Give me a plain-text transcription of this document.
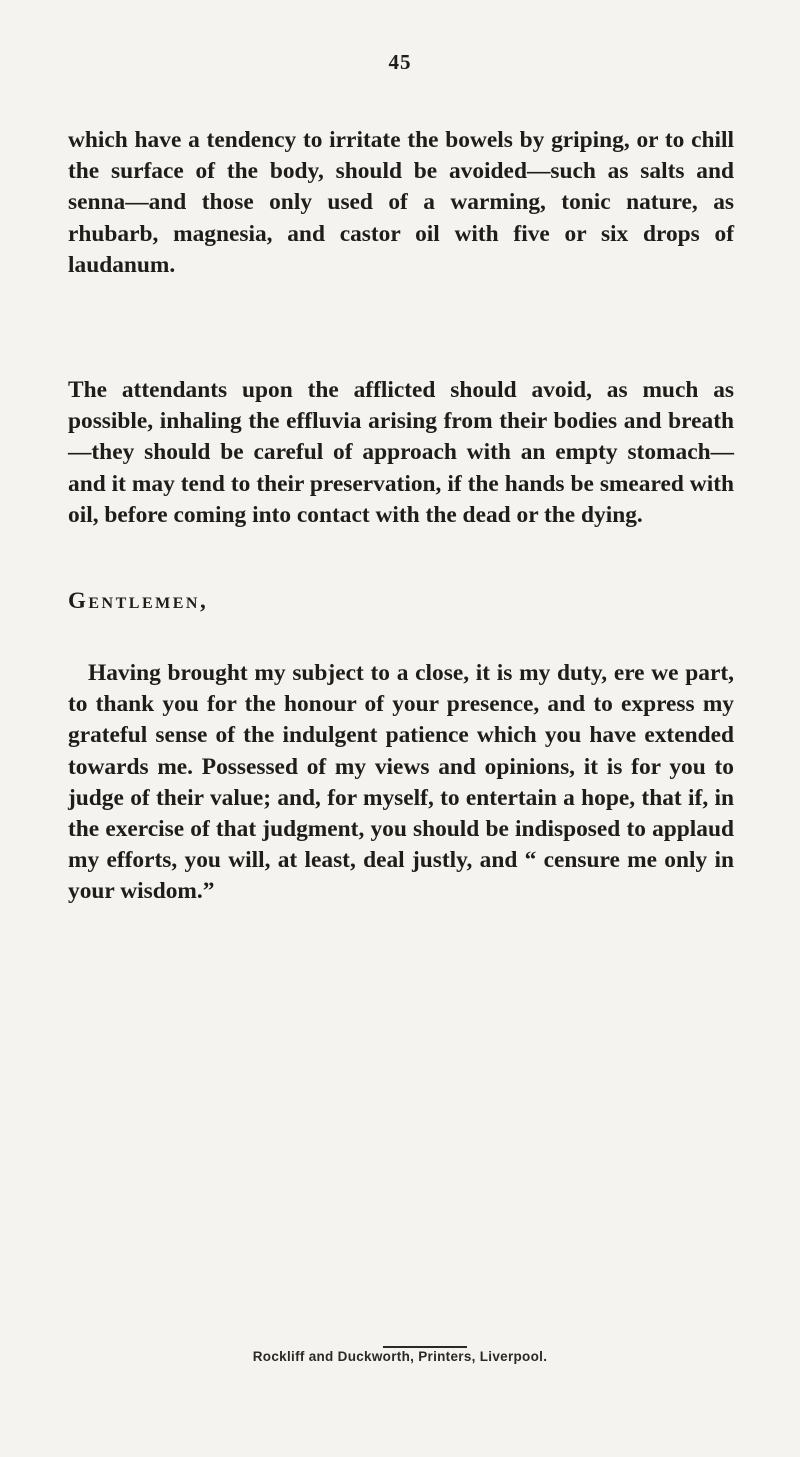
45

which have a tendency to irritate the bowels by griping, or to chill the surface of the body, should be avoided—such as salts and senna—and those only used of a warming, tonic nature, as rhubarb, magnesia, and castor oil with five or six drops of laudanum.

The attendants upon the afflicted should avoid, as much as possible, inhaling the effluvia arising from their bodies and breath—they should be careful of approach with an empty stomach—and it may tend to their preservation, if the hands be smeared with oil, before coming into contact with the dead or the dying.

Gentlemen,

Having brought my subject to a close, it is my duty, ere we part, to thank you for the honour of your presence, and to express my grateful sense of the indulgent patience which you have extended towards me. Possessed of my views and opinions, it is for you to judge of their value; and, for myself, to entertain a hope, that if, in the exercise of that judgment, you should be indisposed to applaud my efforts, you will, at least, deal justly, and “ censure me only in your wisdom.”

Rockliff and Duckworth, Printers, Liverpool.
